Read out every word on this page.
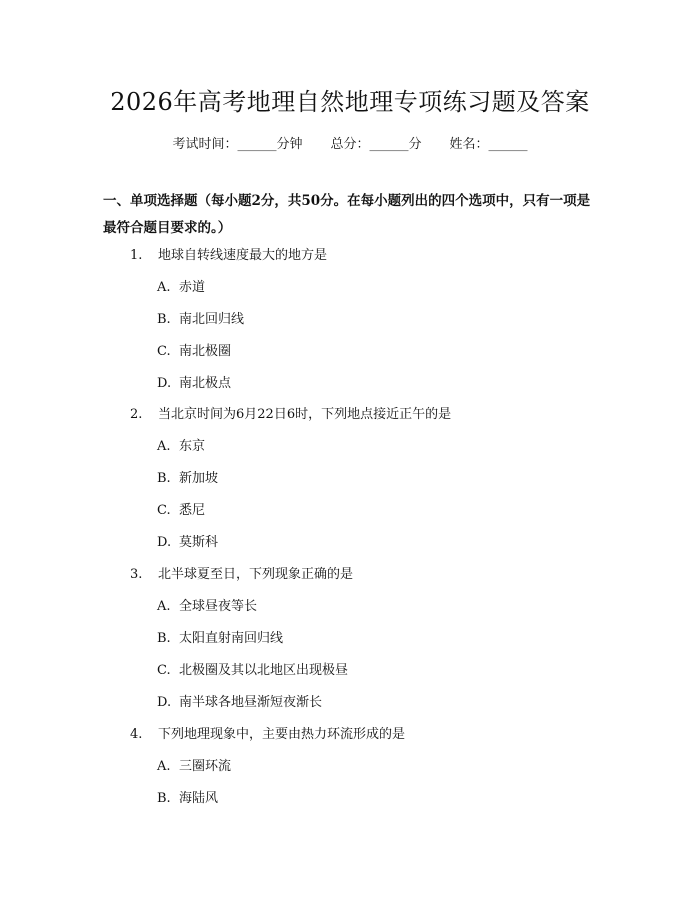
2026年高考地理自然地理专项练习题及答案
考试时间：______分钟 总分：______分 姓名：______
一、单项选择题（每小题2分，共50分。在每小题列出的四个选项中，只有一项是最符合题目要求的。）
1. 地球自转线速度最大的地方是
A. 赤道
B. 南北回归线
C. 南北极圈
D. 南北极点
2. 当北京时间为6月22日6时，下列地点接近正午的是
A. 东京
B. 新加坡
C. 悉尼
D. 莫斯科
3. 北半球夏至日，下列现象正确的是
A. 全球昼夜等长
B. 太阳直射南回归线
C. 北极圈及其以北地区出现极昼
D. 南半球各地昼渐短夜渐长
4. 下列地理现象中，主要由热力环流形成的是
A. 三圈环流
B. 海陆风
